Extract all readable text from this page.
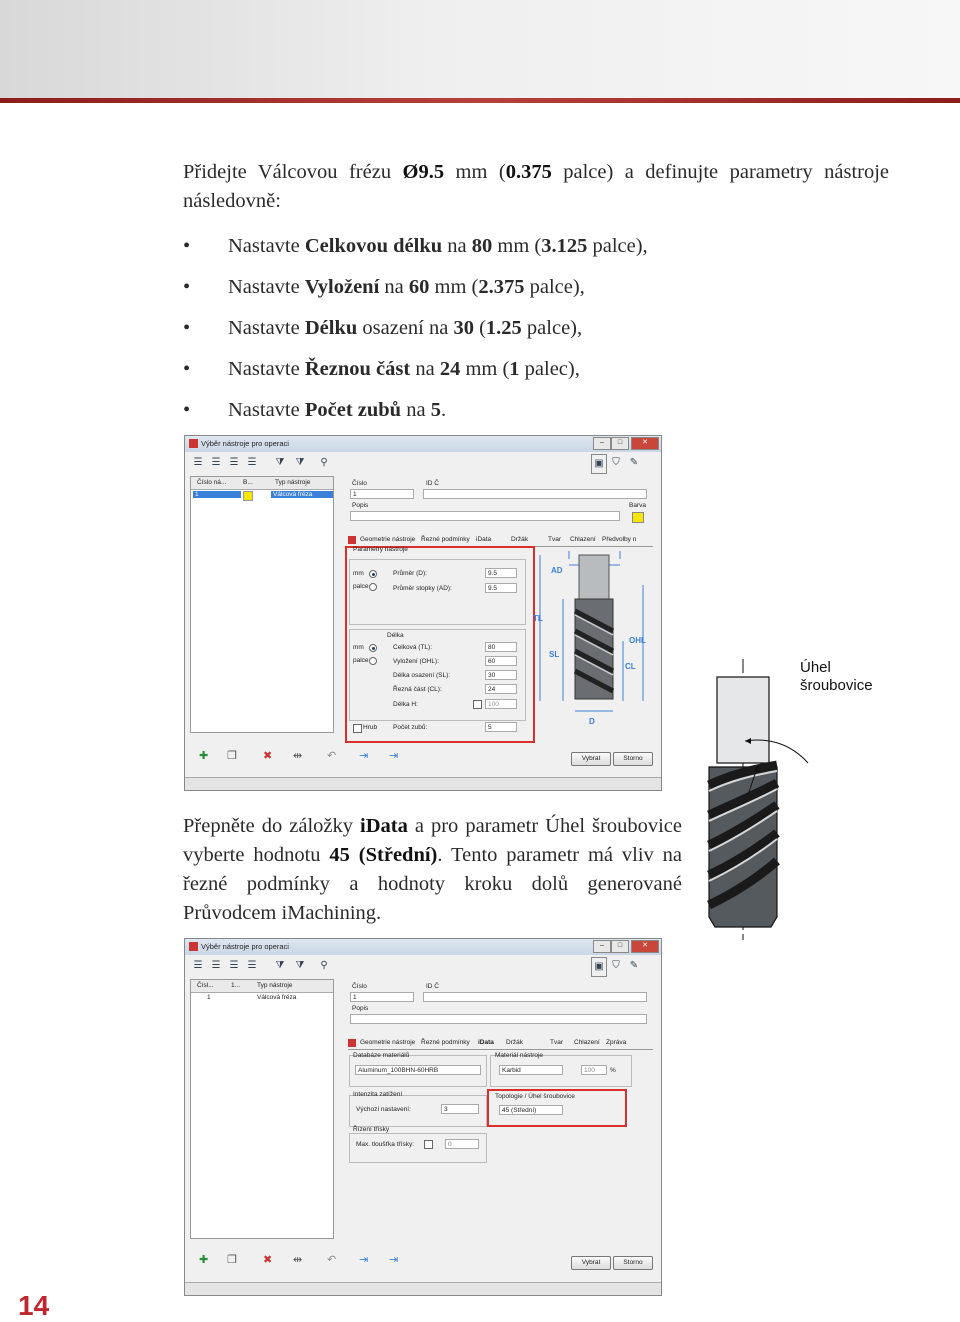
Přidejte Válcovou frézu Ø9.5 mm (0.375 palce) a definujte parametry nástroje následovně:
• Nastavte Celkovou délku na 80 mm (3.125 palce),
• Nastavte Vyložení na 60 mm (2.375 palce),
• Nastavte Délku osazení na 30 (1.25 palce),
• Nastavte Řeznou část na 24 mm (1 palec),
• Nastavte Počet zubů na 5.
Výběr nástroje pro operaci	–	□	✕
☰ ☰ ☰ ☰ ⧩ ⧩	⚲	▣ ⛉	✎
Číslo ná...	B...	Typ nástroje
1	Válcová fréza
Číslo
1
ID Č
Popis	Barva
Geometrie nástroje Řezné podmínky iData	Držák	Tvar Chlazení Předvolby n
Parametry nástroje
mm
palce
Průměr (D):	9.5
Průměr stopky (AD):	9.5
Délka
mm
palce
Celková (TL):	80
Vyložení (OHL):	60
Délka osazení (SL):	30
Řezná část (CL):	24
Délka H:	100
Hrub Počet zubů:	5
AD
TL
SL
CL
OHL
D
✚ ❐ ✖ ⇹ ↶ ⇥ ⇥	Vybrat	Storno
Přepněte do záložky iData a pro parametr Úhel šroubovice vyberte hodnotu 45 (Střední). Tento parametr má vliv na řezné podmínky a hodnoty kroku dolů generované Průvodcem iMachining.
Úhel
šroubovice
Výběr nástroje pro operaci	–	□	✕
☰ ☰ ☰ ☰ ⧩ ⧩	⚲	▣ ⛉	✎
Čísl...	1...	Typ nástroje
1	Válcová fréza
Číslo
1
ID Č
Popis
Geometrie nástroje Řezné podmínky iData Držák	Tvar Chlazení Zpráva
Databáze materiálů
Aluminum_100BHN-60HRB
Materiál nástroje
Karbid	100	%
Intenzita zatížení
Výchozí nastavení:	3
Topologie / Úhel šroubovice
45 (Střední)
Řízení třísky
Max. tloušťka třísky:	0
✚ ❐ ✖ ⇹ ↶ ⇥ ⇥	Vybrat	Storno
14
